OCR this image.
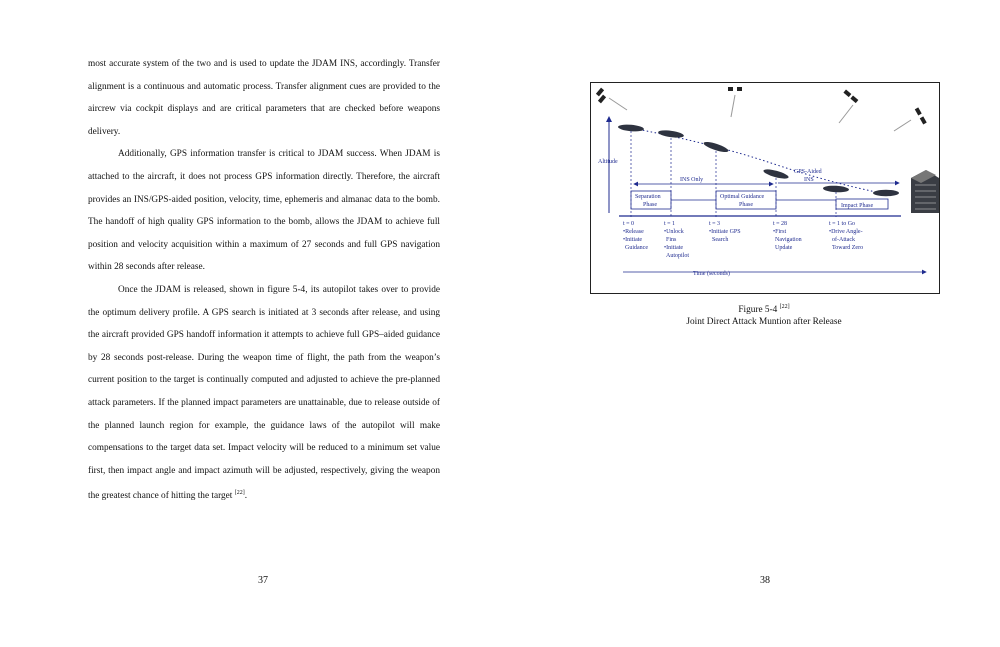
most accurate system of the two and is used to update the JDAM INS, accordingly. Transfer alignment is a continuous and automatic process. Transfer alignment cues are provided to the aircrew via cockpit displays and are critical parameters that are checked before weapons delivery.

Additionally, GPS information transfer is critical to JDAM success. When JDAM is attached to the aircraft, it does not process GPS information directly. Therefore, the aircraft provides an INS/GPS-aided position, velocity, time, ephemeris and almanac data to the bomb. The handoff of high quality GPS information to the bomb, allows the JDAM to achieve full position and velocity acquisition within a maximum of 27 seconds and full GPS navigation within 28 seconds after release.

Once the JDAM is released, shown in figure 5-4, its autopilot takes over to provide the optimum delivery profile. A GPS search is initiated at 3 seconds after release, and using the aircraft provided GPS handoff information it attempts to achieve full GPS–aided guidance by 28 seconds post-release. During the weapon time of flight, the path from the weapon’s current position to the target is continually computed and adjusted to achieve the pre-planned attack parameters. If the planned impact parameters are unattainable, due to release outside of the planned launch region for example, the guidance laws of the autopilot will make compensations to the target data set. Impact velocity will be reduced to a minimum set value first, then impact angle and impact azimuth will be adjusted, respectively, giving the weapon the greatest chance of hitting the target [22].

37
Altitude
INS Only
GPS-Aided
INS
Separation
Phase
Optimal Guidance
Phase	Impact Phase
t = 0
•Release
•Initiate
Guidance
t = 1
•Unlock
Fins
•Initiate
Autopilot
t = 3
•Initiate GPS
Search
t = 28
•First
Navigation
Update
t = 1 to Go
•Drive Angle-
of-Attack
Toward Zero
Time (seconds)
Figure 5-4 [22]
Joint Direct Attack Muntion after Release
38
